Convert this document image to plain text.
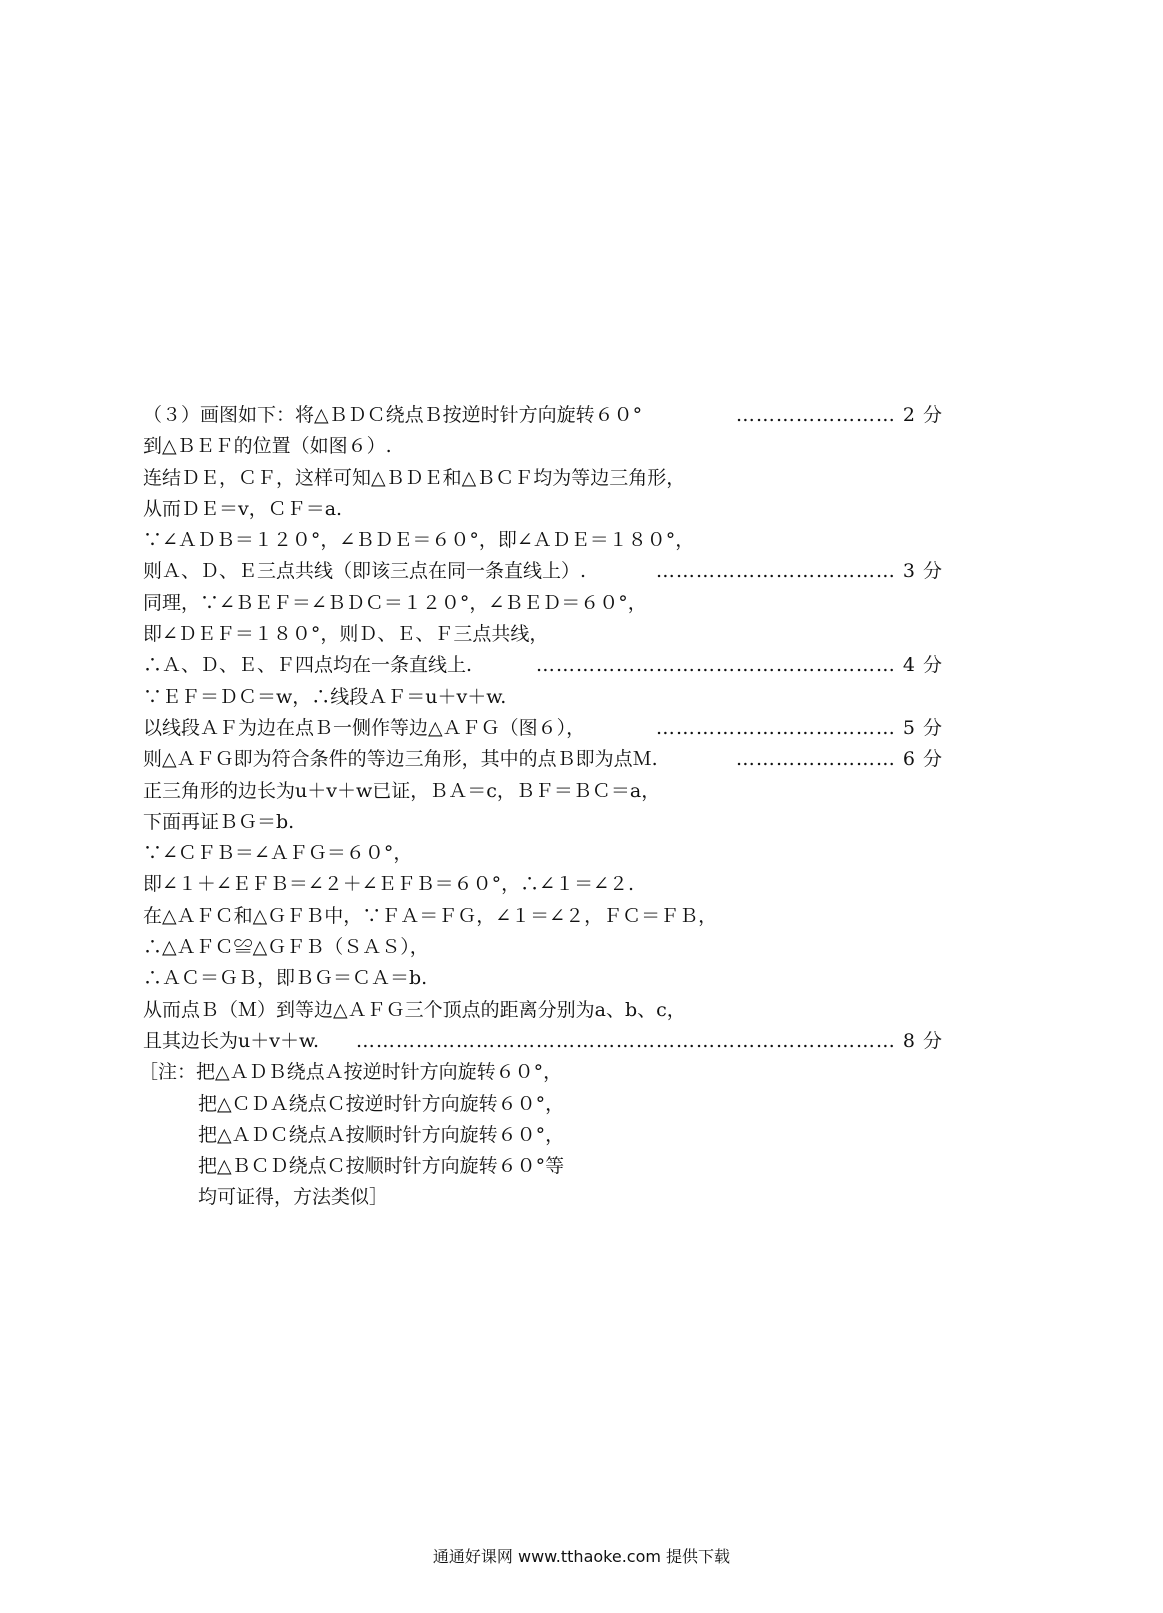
（３）画图如下：将△ＢＤＣ绕点Ｂ按逆时针方向旋转６０°	…………………… 2 分
到△ＢＥＦ的位置（如图６）.
连结ＤＥ，ＣＦ，这样可知△ＢＤＥ和△ＢＣＦ均为等边三角形，
从而ＤＥ＝v，ＣＦ＝a.
∵∠ＡＤＢ＝１２０°，∠ＢＤＥ＝６０°，即∠ＡＤＥ＝１８０°，
则Ａ、Ｄ、Ｅ三点共线（即该三点在同一条直线上）.	……………………………… 3 分
同理，∵∠ＢＥＦ＝∠ＢＤＣ＝１２０°，∠ＢＥＤ＝６０°，
即∠ＤＥＦ＝１８０°，则Ｄ、Ｅ、Ｆ三点共线，
∴Ａ、Ｄ、Ｅ、Ｆ四点均在一条直线上.	……………………………………………… 4 分
∵ＥＦ＝ＤＣ＝w，∴线段ＡＦ＝u＋v＋w.
以线段ＡＦ为边在点Ｂ一侧作等边△ＡＦＧ（图６），	……………………………… 5 分
则△ＡＦＧ即为符合条件的等边三角形，其中的点Ｂ即为点Ｍ.	…………………… 6 分
正三角形的边长为u＋v＋w已证，ＢＡ＝c，ＢＦ＝ＢＣ＝a，
下面再证ＢＧ＝b.
∵∠ＣＦＢ＝∠ＡＦＧ＝６０°，
即∠１＋∠ＥＦＢ＝∠２＋∠ＥＦＢ＝６０°，∴∠１＝∠２.
在△ＡＦＣ和△ＧＦＢ中，∵ＦＡ＝ＦＧ，∠１＝∠２，ＦＣ＝ＦＢ，
∴△ＡＦＣ≌△ＧＦＢ（ＳＡＳ），
∴ＡＣ＝ＧＢ，即ＢＧ＝ＣＡ＝b.
从而点Ｂ（Ｍ）到等边△ＡＦＧ三个顶点的距离分别为a、b、c，
且其边长为u＋v＋w. ……………………………………………………………………… 8 分
［注：把△ＡＤＢ绕点Ａ按逆时针方向旋转６０°，
把△ＣＤＡ绕点Ｃ按逆时针方向旋转６０°，
把△ＡＤＣ绕点Ａ按顺时针方向旋转６０°，
把△ＢＣＤ绕点Ｃ按顺时针方向旋转６０°等
均可证得，方法类似］
通通好课网 www.tthaoke.com 提供下载
